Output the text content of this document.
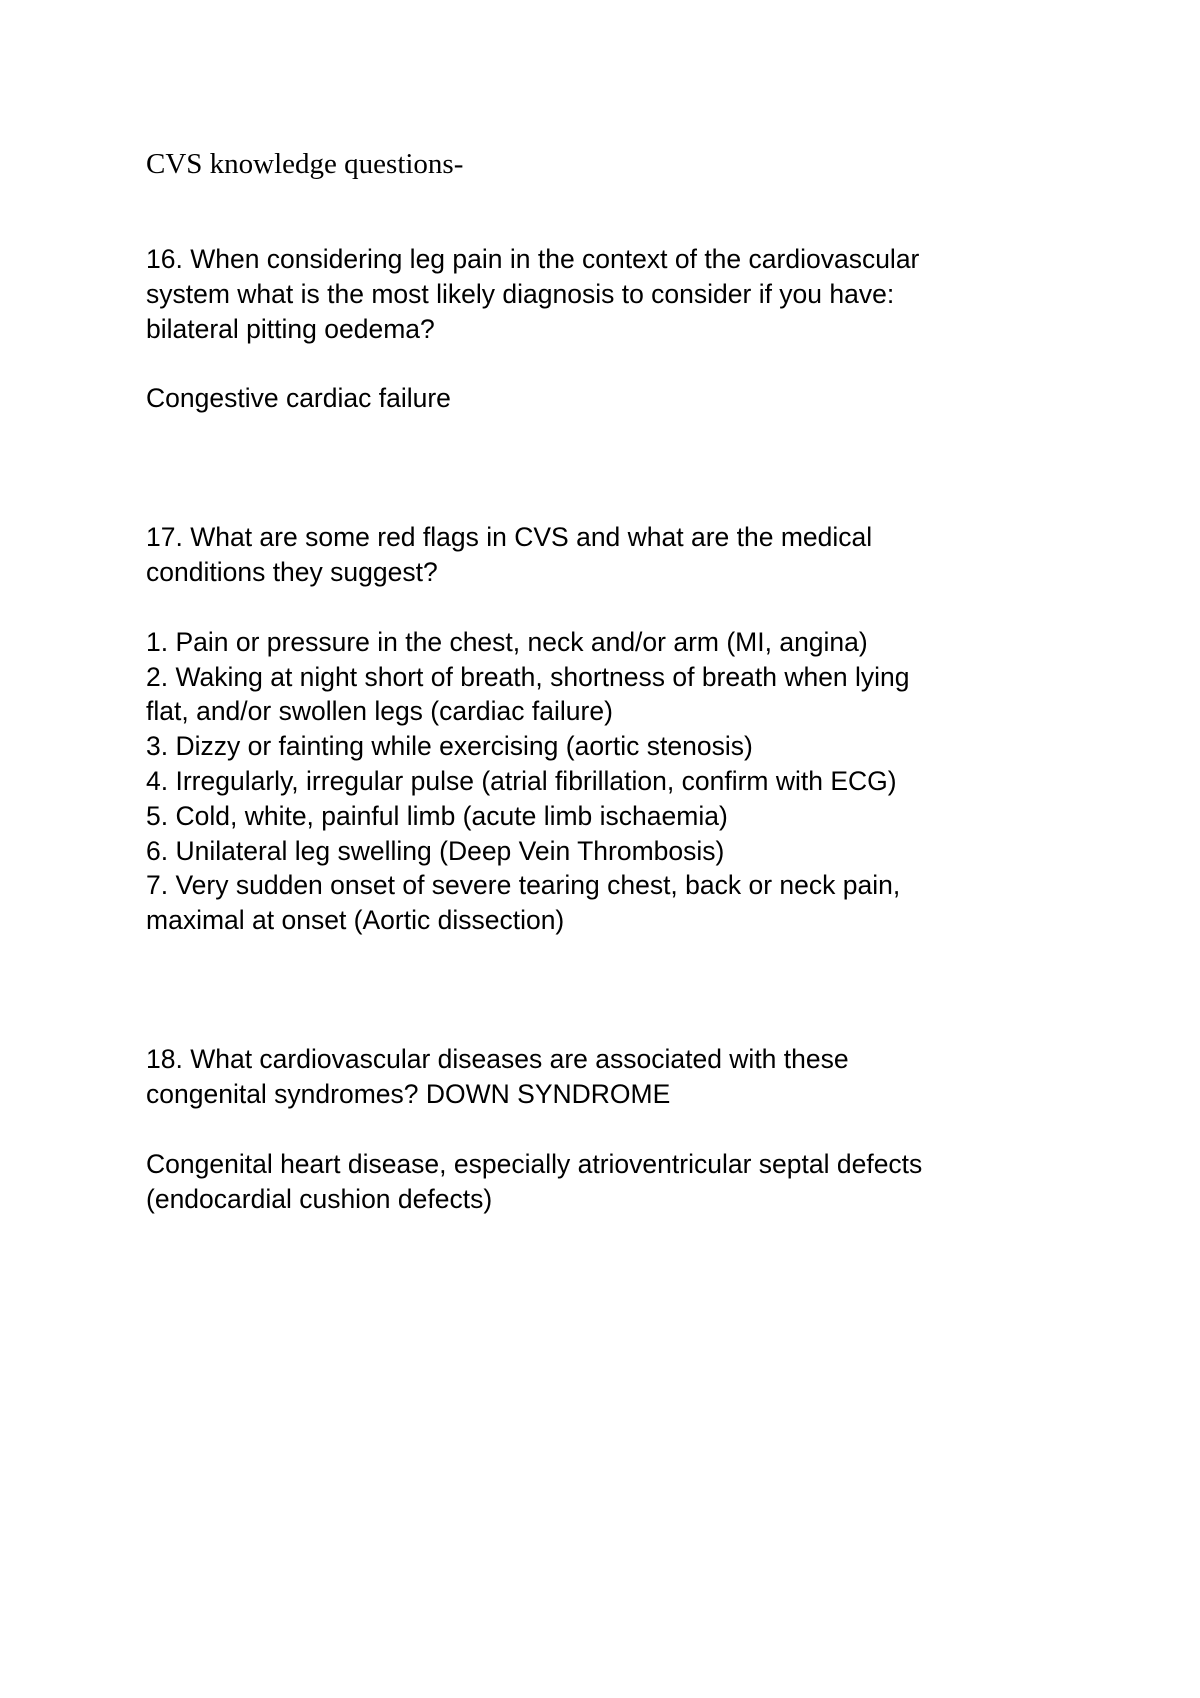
CVS knowledge questions-

16. When considering leg pain in the context of the cardiovascular
system what is the most likely diagnosis to consider if you have:
bilateral pitting oedema?

Congestive cardiac failure

17. What are some red flags in CVS and what are the medical
conditions they suggest?

1. Pain or pressure in the chest, neck and/or arm (MI, angina)
2. Waking at night short of breath, shortness of breath when lying
flat, and/or swollen legs (cardiac failure)
3. Dizzy or fainting while exercising (aortic stenosis)
4. Irregularly, irregular pulse (atrial fibrillation, confirm with ECG)
5. Cold, white, painful limb (acute limb ischaemia)
6. Unilateral leg swelling (Deep Vein Thrombosis)
7. Very sudden onset of severe tearing chest, back or neck pain,
maximal at onset (Aortic dissection)

18. What cardiovascular diseases are associated with these
congenital syndromes? DOWN SYNDROME

Congenital heart disease, especially atrioventricular septal defects
(endocardial cushion defects)
